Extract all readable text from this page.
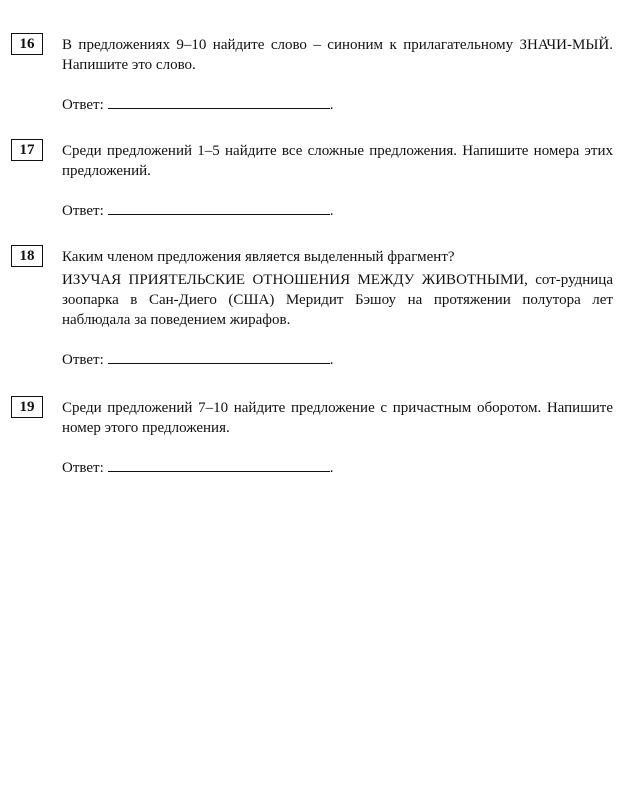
16	В предложениях 9–10 найдите слово – синоним к прилагательному ЗНАЧИ-МЫЙ. Напишите это слово.

Ответ:	.
17	Среди предложений 1–5 найдите все сложные предложения. Напишите номера этих предложений.

Ответ:	.
18	Каким членом предложения является выделенный фрагмент?

ИЗУЧАЯ ПРИЯТЕЛЬСКИЕ ОТНОШЕНИЯ МЕЖДУ ЖИВОТНЫМИ, сот-рудница зоопарка в Сан-Диего (США) Меридит Бэшоу на протяжении полутора лет наблюдала за поведением жирафов.

Ответ:	.
19	Среди предложений 7–10 найдите предложение с причастным оборотом. Напишите номер этого предложения.

Ответ:	.
